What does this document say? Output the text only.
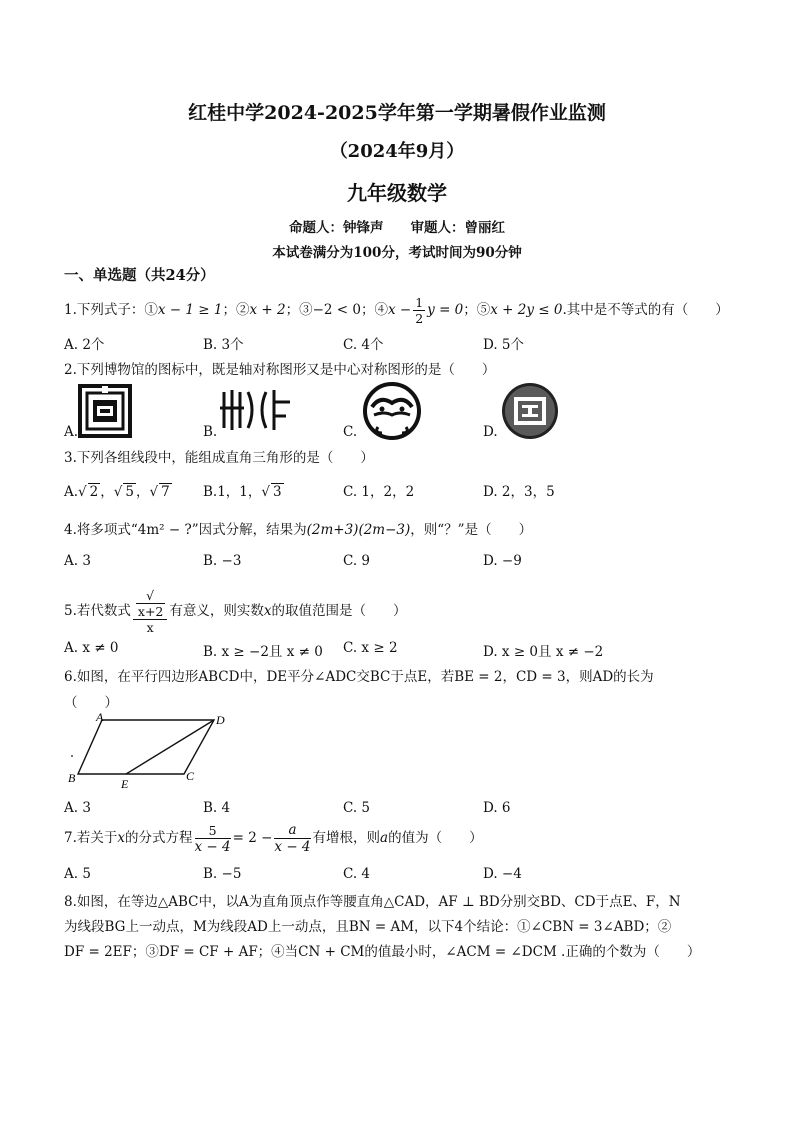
红桂中学2024-2025学年第一学期暑假作业监测
（2024年9月）
九年级数学
命题人：钟锋声　　审题人：曾丽红
本试卷满分为100分，考试时间为90分钟
一、单选题（共24分）
1.下列式子：①x − 1 ≥ 1；②x + 2；③−2 < 0；④x − $\frac{1}{2}$ y = 0；⑤x + 2y ≤ 0.其中是不等式的有（　　）
A. 2个	B. 3个	C. 4个	D. 5个
2.下列博物馆的图标中，既是轴对称图形又是中心对称图形的是（　　）
A.	B.	C.	D.
3.下列各组线段中，能组成直角三角形的是（　　）
A. √ 2 ， √ 5 ， √ 7 B.1，1， √ 3	C. 1，2，2	D. 2，3，5
4.将多项式“4m² − ?”因式分解，结果为(2m+3)(2m−3)，则“？”是（　　）
A. 3	B. −3	C. 9	D. −9
5.若代数式
√ $\frac{x+2}{x}$ 有意义，则实数x的取值范围是（　　）
A. x ≠ 0	B. x ≥ −2且 x ≠ 0 C. x ≥ 2	D. x ≥ 0且 x ≠ −2
6.如图，在平行四边形ABCD中，DE平分∠ADC交BC于点E，若BE = 2，CD = 3，则AD的长为
（　　）
A	D
B	E
C
A. 3	B. 4	C. 5	D. 6
7.若关于x的分式方程 $\frac{5}{x - 4} = 2 - \frac{a}{x - 4}$ 有增根，则a的值为（　　）
A. 5	B. −5	C. 4	D. −4
8.如图，在等边△ABC中，以A为直角顶点作等腰直角△CAD，AF ⊥ BD分别交BD、CD于点E、F，N
为线段BG上一动点，M为线段AD上一动点，且BN = AM，以下4个结论：①∠CBN = 3∠ABD；②
DF = 2EF；③DF = CF + AF；④当CN + CM的值最小时，∠ACM = ∠DCM .正确的个数为（　　）
